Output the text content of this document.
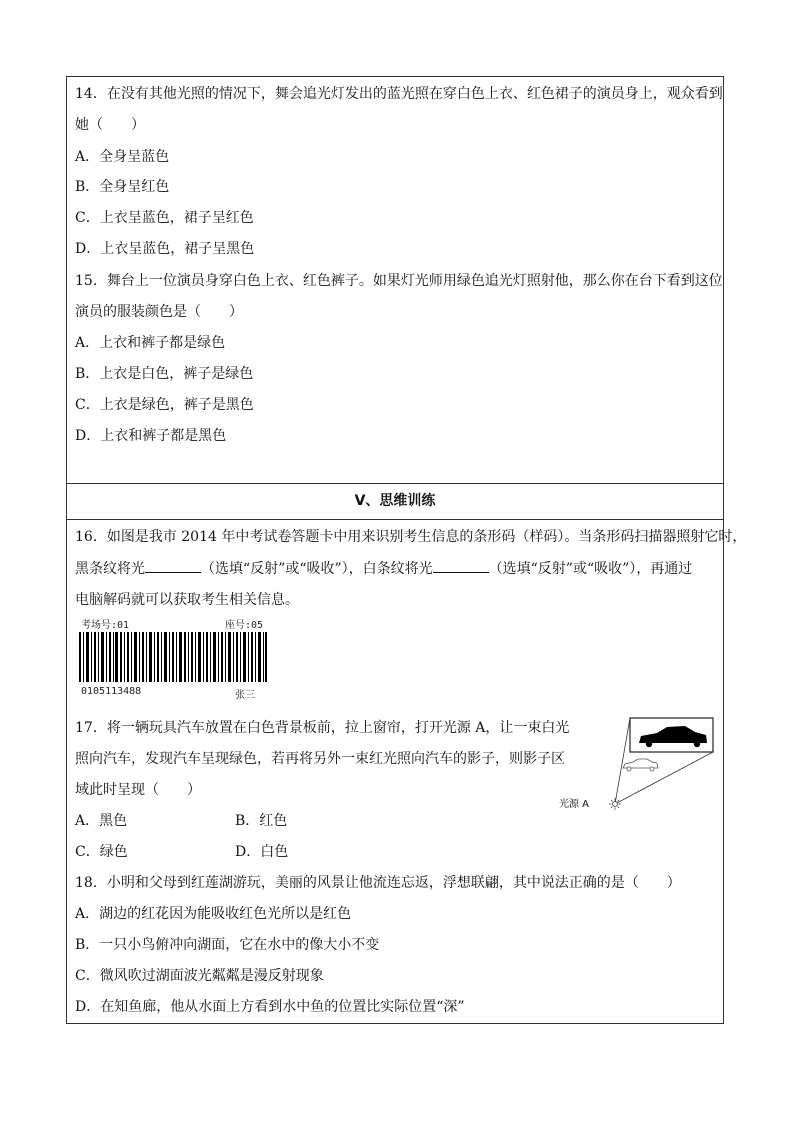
14．在没有其他光照的情况下，舞会追光灯发出的蓝光照在穿白色上衣、红色裙子的演员身上，观众看到
她（　　）
A．全身呈蓝色
B．全身呈红色
C．上衣呈蓝色，裙子呈红色
D．上衣呈蓝色，裙子呈黑色
15．舞台上一位演员身穿白色上衣、红色裤子。如果灯光师用绿色追光灯照射他，那么你在台下看到这位
演员的服装颜色是（　　）
A．上衣和裤子都是绿色
B．上衣是白色，裤子是绿色
C．上衣是绿色，裤子是黑色
D．上衣和裤子都是黑色
V、思维训练
16．如图是我市 2014 年中考试卷答题卡中用来识别考生信息的条形码（样码）。当条形码扫描器照射它时，
黑条纹将光	（选填“反射”或“吸收”），白条纹将光	（选填“反射”或“吸收”），再通过
电脑解码就可以获取考生相关信息。
考场号:01	座号:05
0105113488	张三
17．将一辆玩具汽车放置在白色背景板前，拉上窗帘，打开光源 A，让一束白光
照向汽车，发现汽车呈现绿色，若再将另外一束红光照向汽车的影子，则影子区
域此时呈现（　　）
A．黑色	B．红色
C．绿色	D．白色
光源 A
18．小明和父母到红莲湖游玩，美丽的风景让他流连忘返，浮想联翩，其中说法正确的是（　　）
A．湖边的红花因为能吸收红色光所以是红色
B．一只小鸟俯冲向湖面，它在水中的像大小不变
C．微风吹过湖面波光粼粼是漫反射现象
D．在知鱼廊，他从水面上方看到水中鱼的位置比实际位置“深”
